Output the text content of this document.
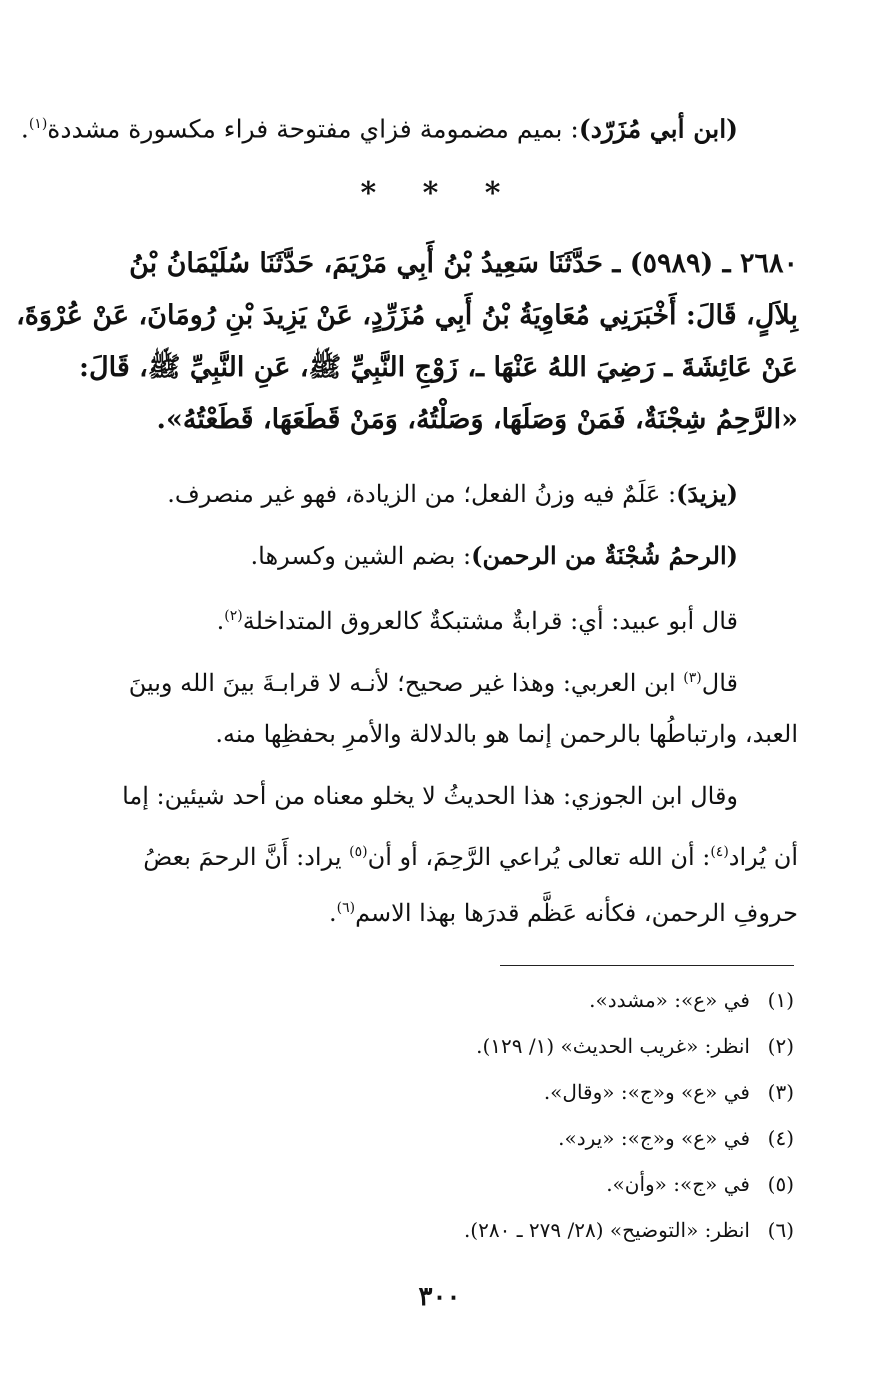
(ابن أبي مُزَرّد): بميم مضمومة فزاي مفتوحة فراء مكسورة مشددة$^{(١)}$.
* * *
٢٦٨٠ ـ (٥٩٨٩) ـ حَدَّثَنَا سَعِيدُ بْنُ أَبِي مَرْيَمَ، حَدَّثَنَا سُلَيْمَانُ بْنُ
بِلاَلٍ، قَالَ: أَخْبَرَنِي مُعَاوِيَةُ بْنُ أَبِي مُزَرِّدٍ، عَنْ يَزِيدَ بْنِ رُومَانَ، عَنْ عُرْوَةَ،
عَنْ عَائِشَةَ ـ رَضِيَ اللهُ عَنْهَا ـ، زَوْجِ النَّبِيِّ ﷺ، عَنِ النَّبِيِّ ﷺ، قَالَ:
«الرَّحِمُ شِجْنَةٌ، فَمَنْ وَصَلَهَا، وَصَلْتُهُ، وَمَنْ قَطَعَهَا، قَطَعْتُهُ».
(يزيدَ): عَلَمٌ فيه وزنُ الفعل؛ من الزيادة، فهو غير منصرف.
(الرحمُ شُجْنَةٌ من الرحمن): بضم الشين وكسرها.
قال أبو عبيد: أي: قرابةٌ مشتبكةٌ كالعروق المتداخلة$^{(٢)}$.
قال$^{(٣)}$ ابن العربي: وهذا غير صحيح؛ لأنـه لا قرابـةَ بينَ الله وبينَ
العبد، وارتباطُها بالرحمن إنما هو بالدلالة والأمرِ بحفظِها منه.
وقال ابن الجوزي: هذا الحديثُ لا يخلو معناه من أحد شيئين: إما
أن يُراد$^{(٤)}$: أن الله تعالى يُراعي الرَّحِمَ، أو أن$^{(٥)}$ يراد: أَنَّ الرحمَ بعضُ
حروفِ الرحمن، فكأنه عَظَّم قدرَها بهذا الاسم$^{(٦)}$.
(١)في «ع»: «مشدد».
(٢)انظر: «غريب الحديث» (١/ ١٢٩).
(٣)في «ع» و«ج»: «وقال».
(٤)في «ع» و«ج»: «يرد».
(٥)في «ج»: «وأن».
(٦)انظر: «التوضيح» (٢٨/ ٢٧٩ ـ ٢٨٠).
٣٠٠
